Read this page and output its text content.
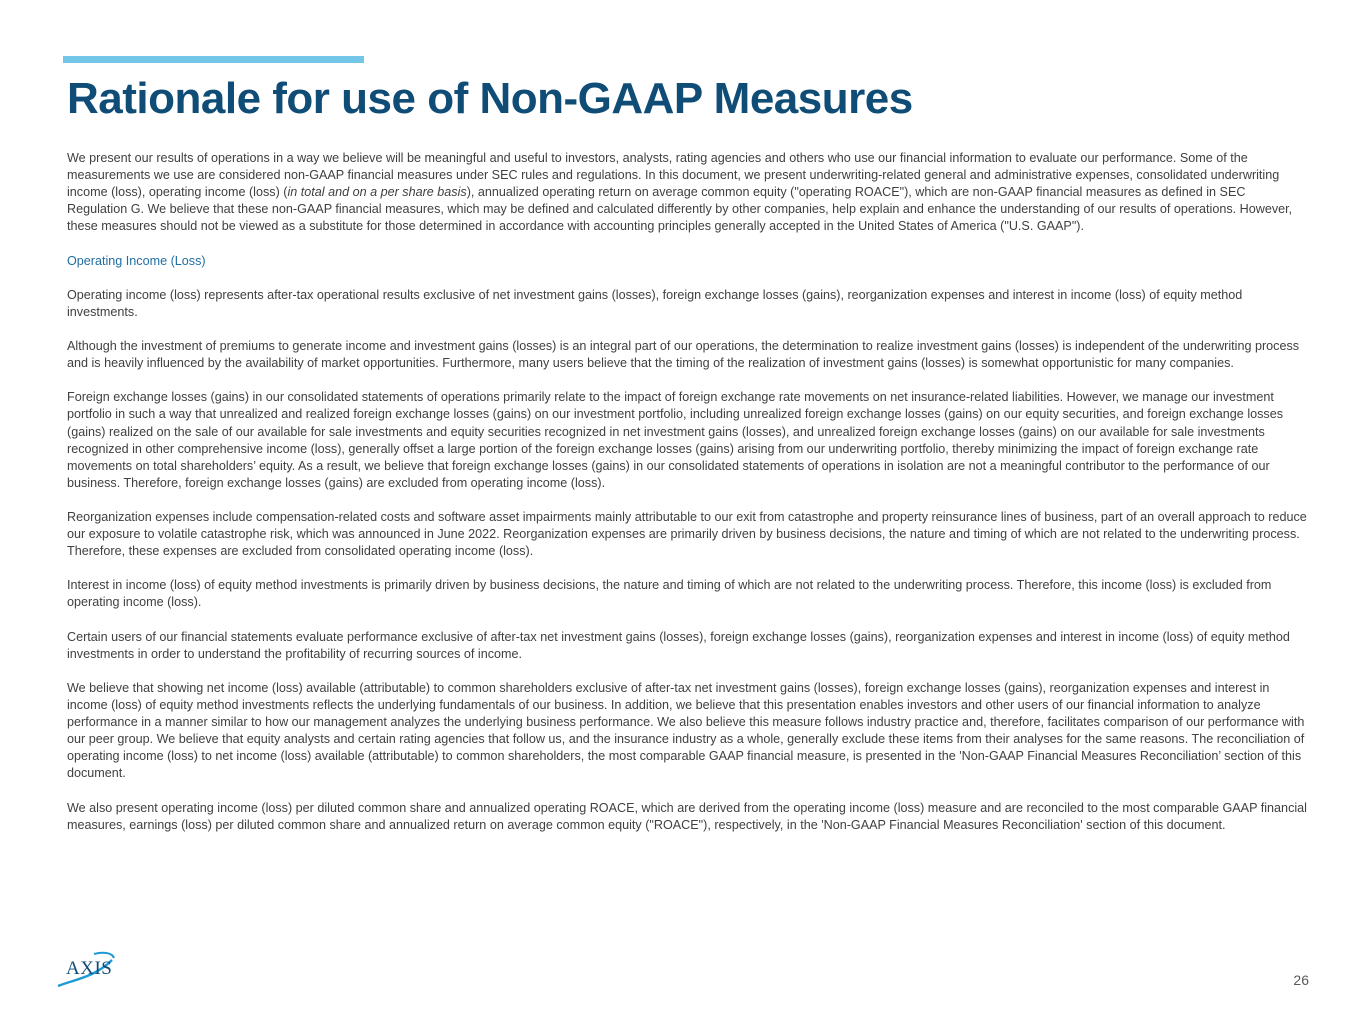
Rationale for use of Non-GAAP Measures

We present our results of operations in a way we believe will be meaningful and useful to investors, analysts, rating agencies and others who use our financial information to evaluate our performance. Some of the measurements we use are considered non-GAAP financial measures under SEC rules and regulations. In this document, we present underwriting-related general and administrative expenses, consolidated underwriting income (loss), operating income (loss) (in total and on a per share basis), annualized operating return on average common equity ("operating ROACE"), which are non-GAAP financial measures as defined in SEC Regulation G. We believe that these non-GAAP financial measures, which may be defined and calculated differently by other companies, help explain and enhance the understanding of our results of operations. However, these measures should not be viewed as a substitute for those determined in accordance with accounting principles generally accepted in the United States of America ("U.S. GAAP").

Operating Income (Loss)

Operating income (loss) represents after-tax operational results exclusive of net investment gains (losses), foreign exchange losses (gains), reorganization expenses and interest in income (loss) of equity method investments.

Although the investment of premiums to generate income and investment gains (losses) is an integral part of our operations, the determination to realize investment gains (losses) is independent of the underwriting process and is heavily influenced by the availability of market opportunities. Furthermore, many users believe that the timing of the realization of investment gains (losses) is somewhat opportunistic for many companies.

Foreign exchange losses (gains) in our consolidated statements of operations primarily relate to the impact of foreign exchange rate movements on net insurance-related liabilities. However, we manage our investment portfolio in such a way that unrealized and realized foreign exchange losses (gains) on our investment portfolio, including unrealized foreign exchange losses (gains) on our equity securities, and foreign exchange losses (gains) realized on the sale of our available for sale investments and equity securities recognized in net investment gains (losses), and unrealized foreign exchange losses (gains) on our available for sale investments recognized in other comprehensive income (loss), generally offset a large portion of the foreign exchange losses (gains) arising from our underwriting portfolio, thereby minimizing the impact of foreign exchange rate movements on total shareholders’ equity. As a result, we believe that foreign exchange losses (gains) in our consolidated statements of operations in isolation are not a meaningful contributor to the performance of our business. Therefore, foreign exchange losses (gains) are excluded from operating income (loss).

Reorganization expenses include compensation-related costs and software asset impairments mainly attributable to our exit from catastrophe and property reinsurance lines of business, part of an overall approach to reduce our exposure to volatile catastrophe risk, which was announced in June 2022. Reorganization expenses are primarily driven by business decisions, the nature and timing of which are not related to the underwriting process. Therefore, these expenses are excluded from consolidated operating income (loss).

Interest in income (loss) of equity method investments is primarily driven by business decisions, the nature and timing of which are not related to the underwriting process. Therefore, this income (loss) is excluded from operating income (loss).

Certain users of our financial statements evaluate performance exclusive of after-tax net investment gains (losses), foreign exchange losses (gains), reorganization expenses and interest in income (loss) of equity method investments in order to understand the profitability of recurring sources of income.

We believe that showing net income (loss) available (attributable) to common shareholders exclusive of after-tax net investment gains (losses), foreign exchange losses (gains), reorganization expenses and interest in income (loss) of equity method investments reflects the underlying fundamentals of our business. In addition, we believe that this presentation enables investors and other users of our financial information to analyze performance in a manner similar to how our management analyzes the underlying business performance. We also believe this measure follows industry practice and, therefore, facilitates comparison of our performance with our peer group. We believe that equity analysts and certain rating agencies that follow us, and the insurance industry as a whole, generally exclude these items from their analyses for the same reasons. The reconciliation of operating income (loss) to net income (loss) available (attributable) to common shareholders, the most comparable GAAP financial measure, is presented in the 'Non-GAAP Financial Measures Reconciliation’ section of this document.

We also present operating income (loss) per diluted common share and annualized operating ROACE, which are derived from the operating income (loss) measure and are reconciled to the most comparable GAAP financial measures, earnings (loss) per diluted common share and annualized return on average common equity ("ROACE"), respectively, in the 'Non-GAAP Financial Measures Reconciliation' section of this document.

AXIS
26
